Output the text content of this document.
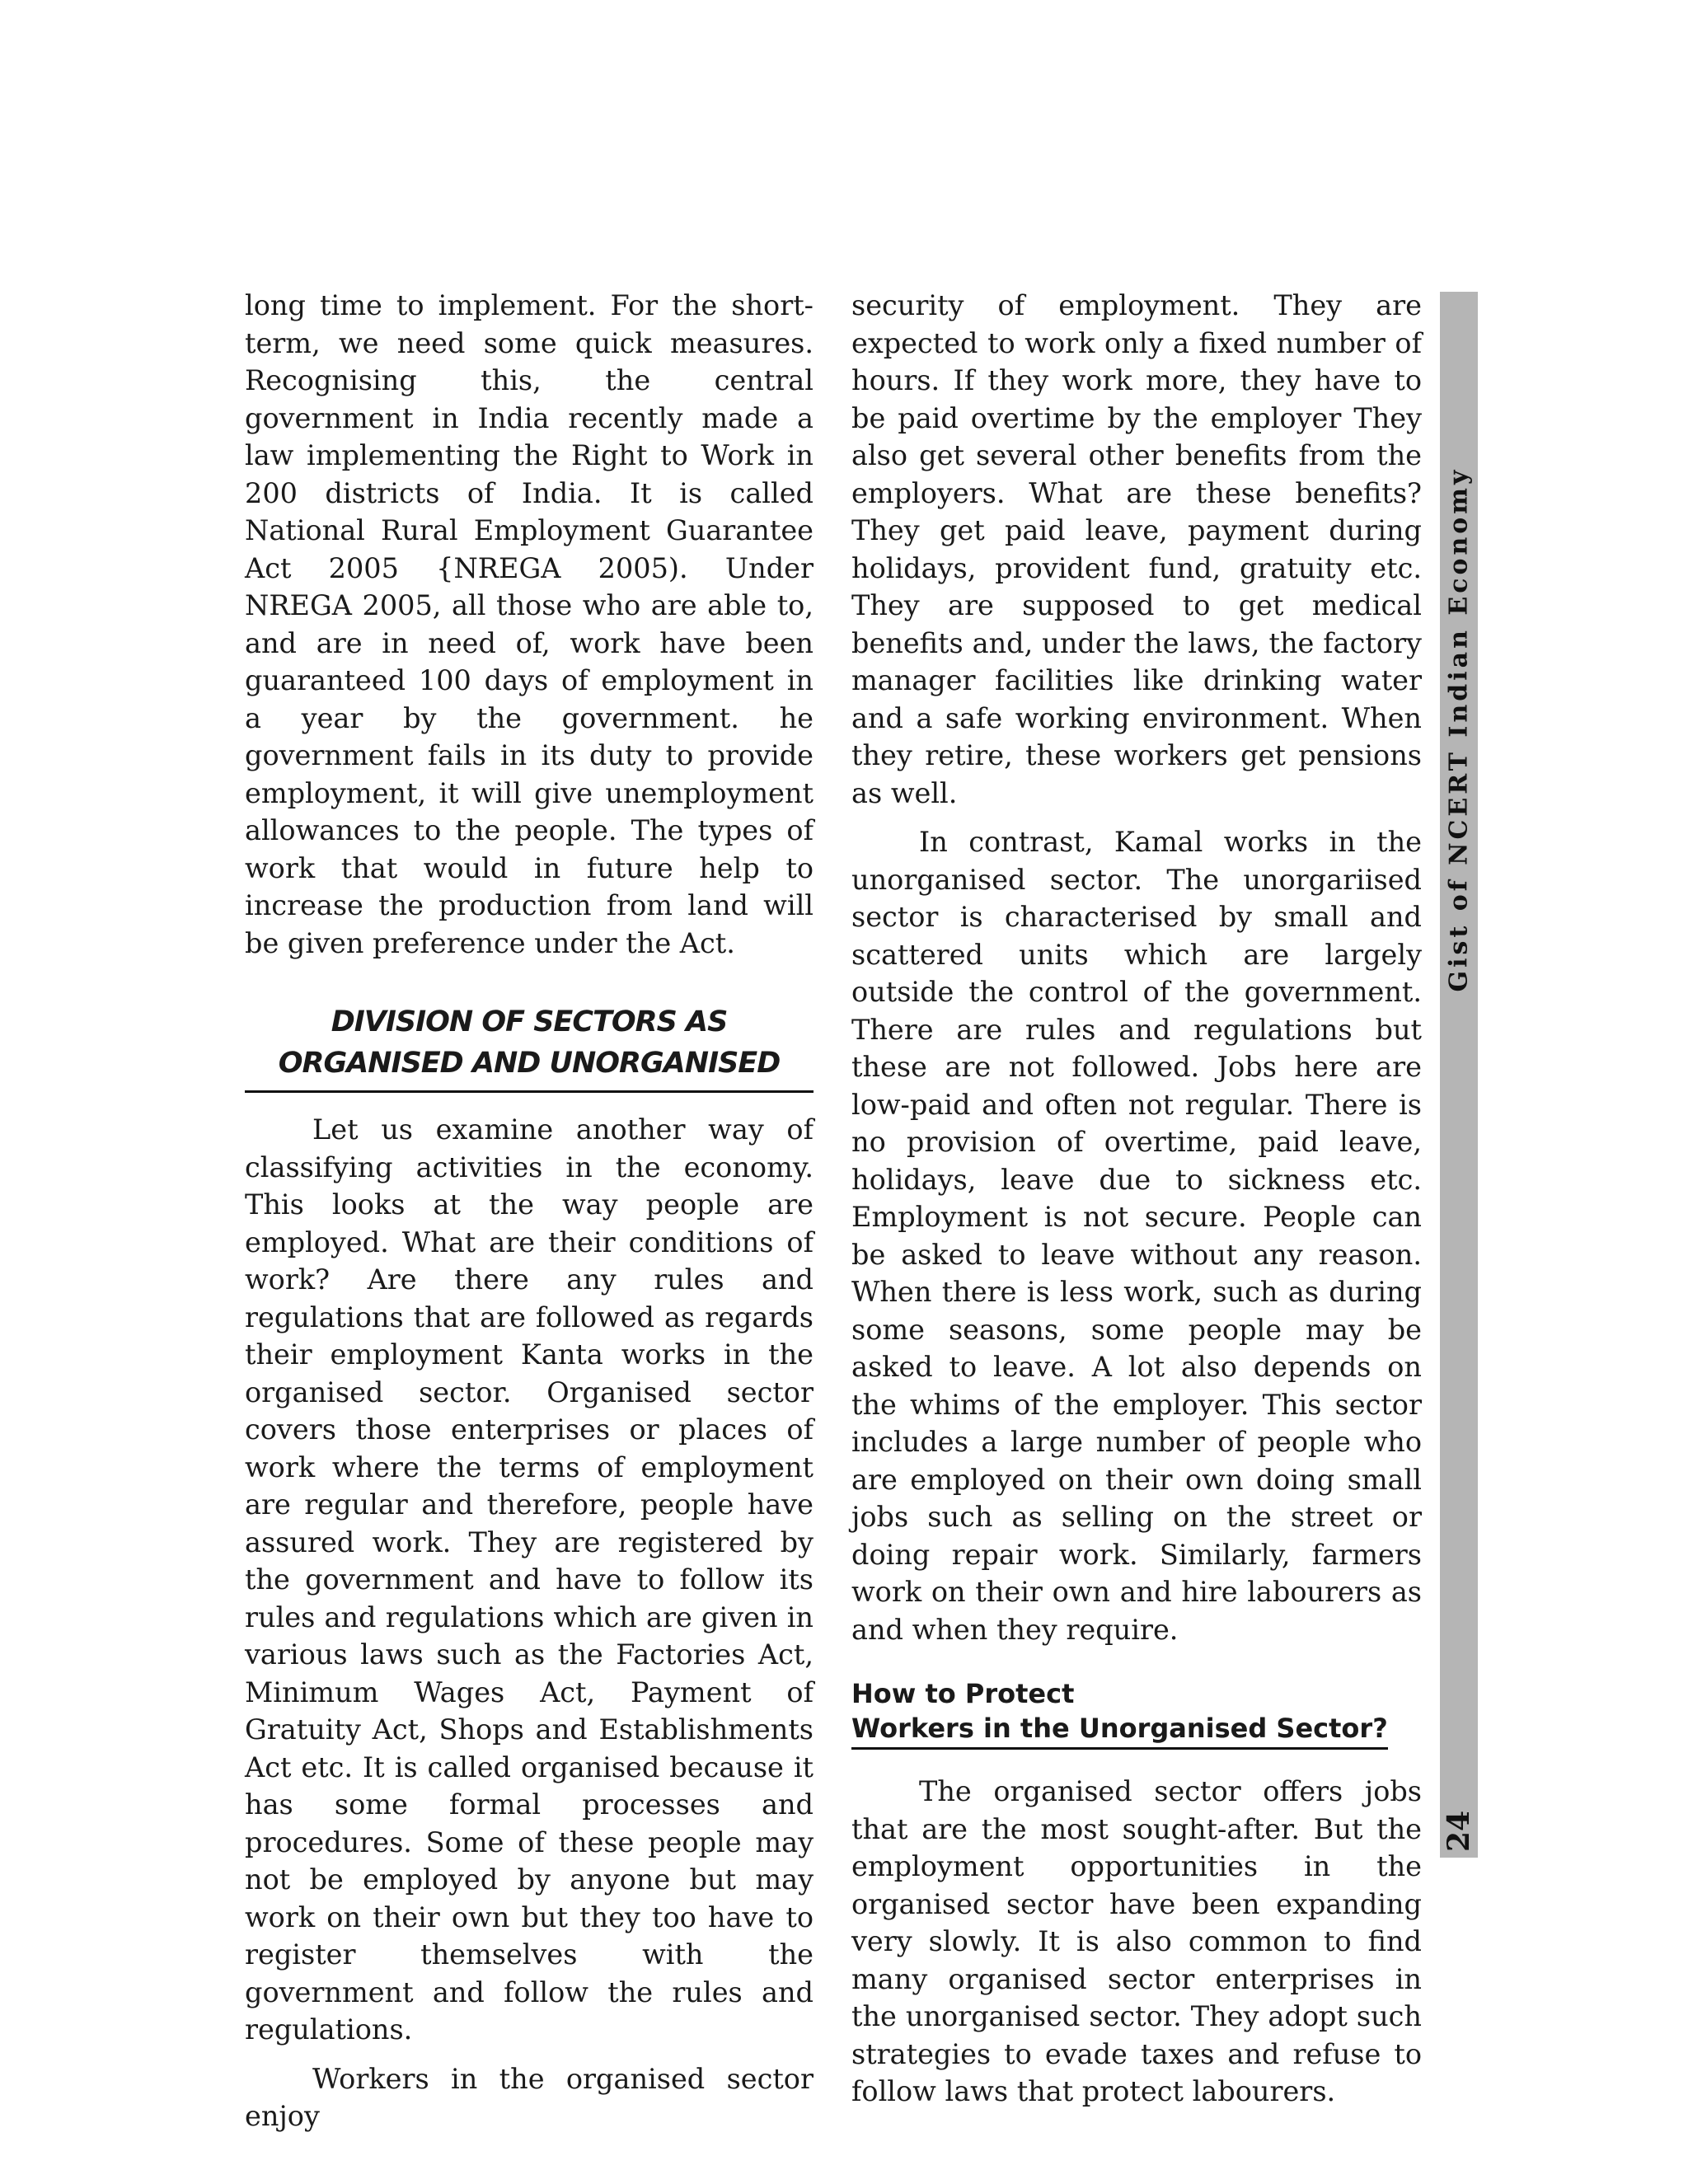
long time to implement. For the short-term, we need some quick measures. Recognising this, the central government in India recently made a law implementing the Right to Work in 200 districts of India. It is called National Rural Employment Guarantee Act 2005 {NREGA 2005). Under NREGA 2005, all those who are able to, and are in need of, work have been guaranteed 100 days of employment in a year by the government. he government fails in its duty to provide employment, it will give unemployment allowances to the people. The types of work that would in future help to increase the production from land will be given preference under the Act.

DIVISION OF SECTORS AS
ORGANISED AND UNORGANISED

Let us examine another way of classifying activities in the economy. This looks at the way people are employed. What are their conditions of work? Are there any rules and regulations that are followed as regards their employment Kanta works in the organised sector. Organised sector covers those enterprises or places of work where the terms of employment are regular and therefore, people have assured work. They are registered by the government and have to follow its rules and regulations which are given in various laws such as the Factories Act, Minimum Wages Act, Payment of Gratuity Act, Shops and Establishments Act etc. It is called organised because it has some formal processes and procedures. Some of these people may not be employed by anyone but may work on their own but they too have to register themselves with the government and follow the rules and regulations.

Workers in the organised sector enjoy

security of employment. They are expected to work only a fixed number of hours. If they work more, they have to be paid overtime by the employer They also get several other benefits from the employers. What are these benefits? They get paid leave, payment during holidays, provident fund, gratuity etc. They are supposed to get medical benefits and, under the laws, the factory manager facilities like drinking water and a safe working environment. When they retire, these workers get pensions as well.

In contrast, Kamal works in the unorganised sector. The unorgariised sector is characterised by small and scattered units which are largely outside the control of the government. There are rules and regulations but these are not followed. Jobs here are low-paid and often not regular. There is no provision of overtime, paid leave, holidays, leave due to sickness etc. Employment is not secure. People can be asked to leave without any reason. When there is less work, such as during some seasons, some people may be asked to leave. A lot also depends on the whims of the employer. This sector includes a large number of people who are employed on their own doing small jobs such as selling on the street or doing repair work. Similarly, farmers work on their own and hire labourers as and when they require.

How to Protect
Workers in the Unorganised Sector?

The organised sector offers jobs that are the most sought-after. But the employment opportunities in the organised sector have been expanding very slowly. It is also common to find many organised sector enterprises in the unorganised sector. They adopt such strategies to evade taxes and refuse to follow laws that protect labourers.

Gist of NCERT Indian Economy
24
